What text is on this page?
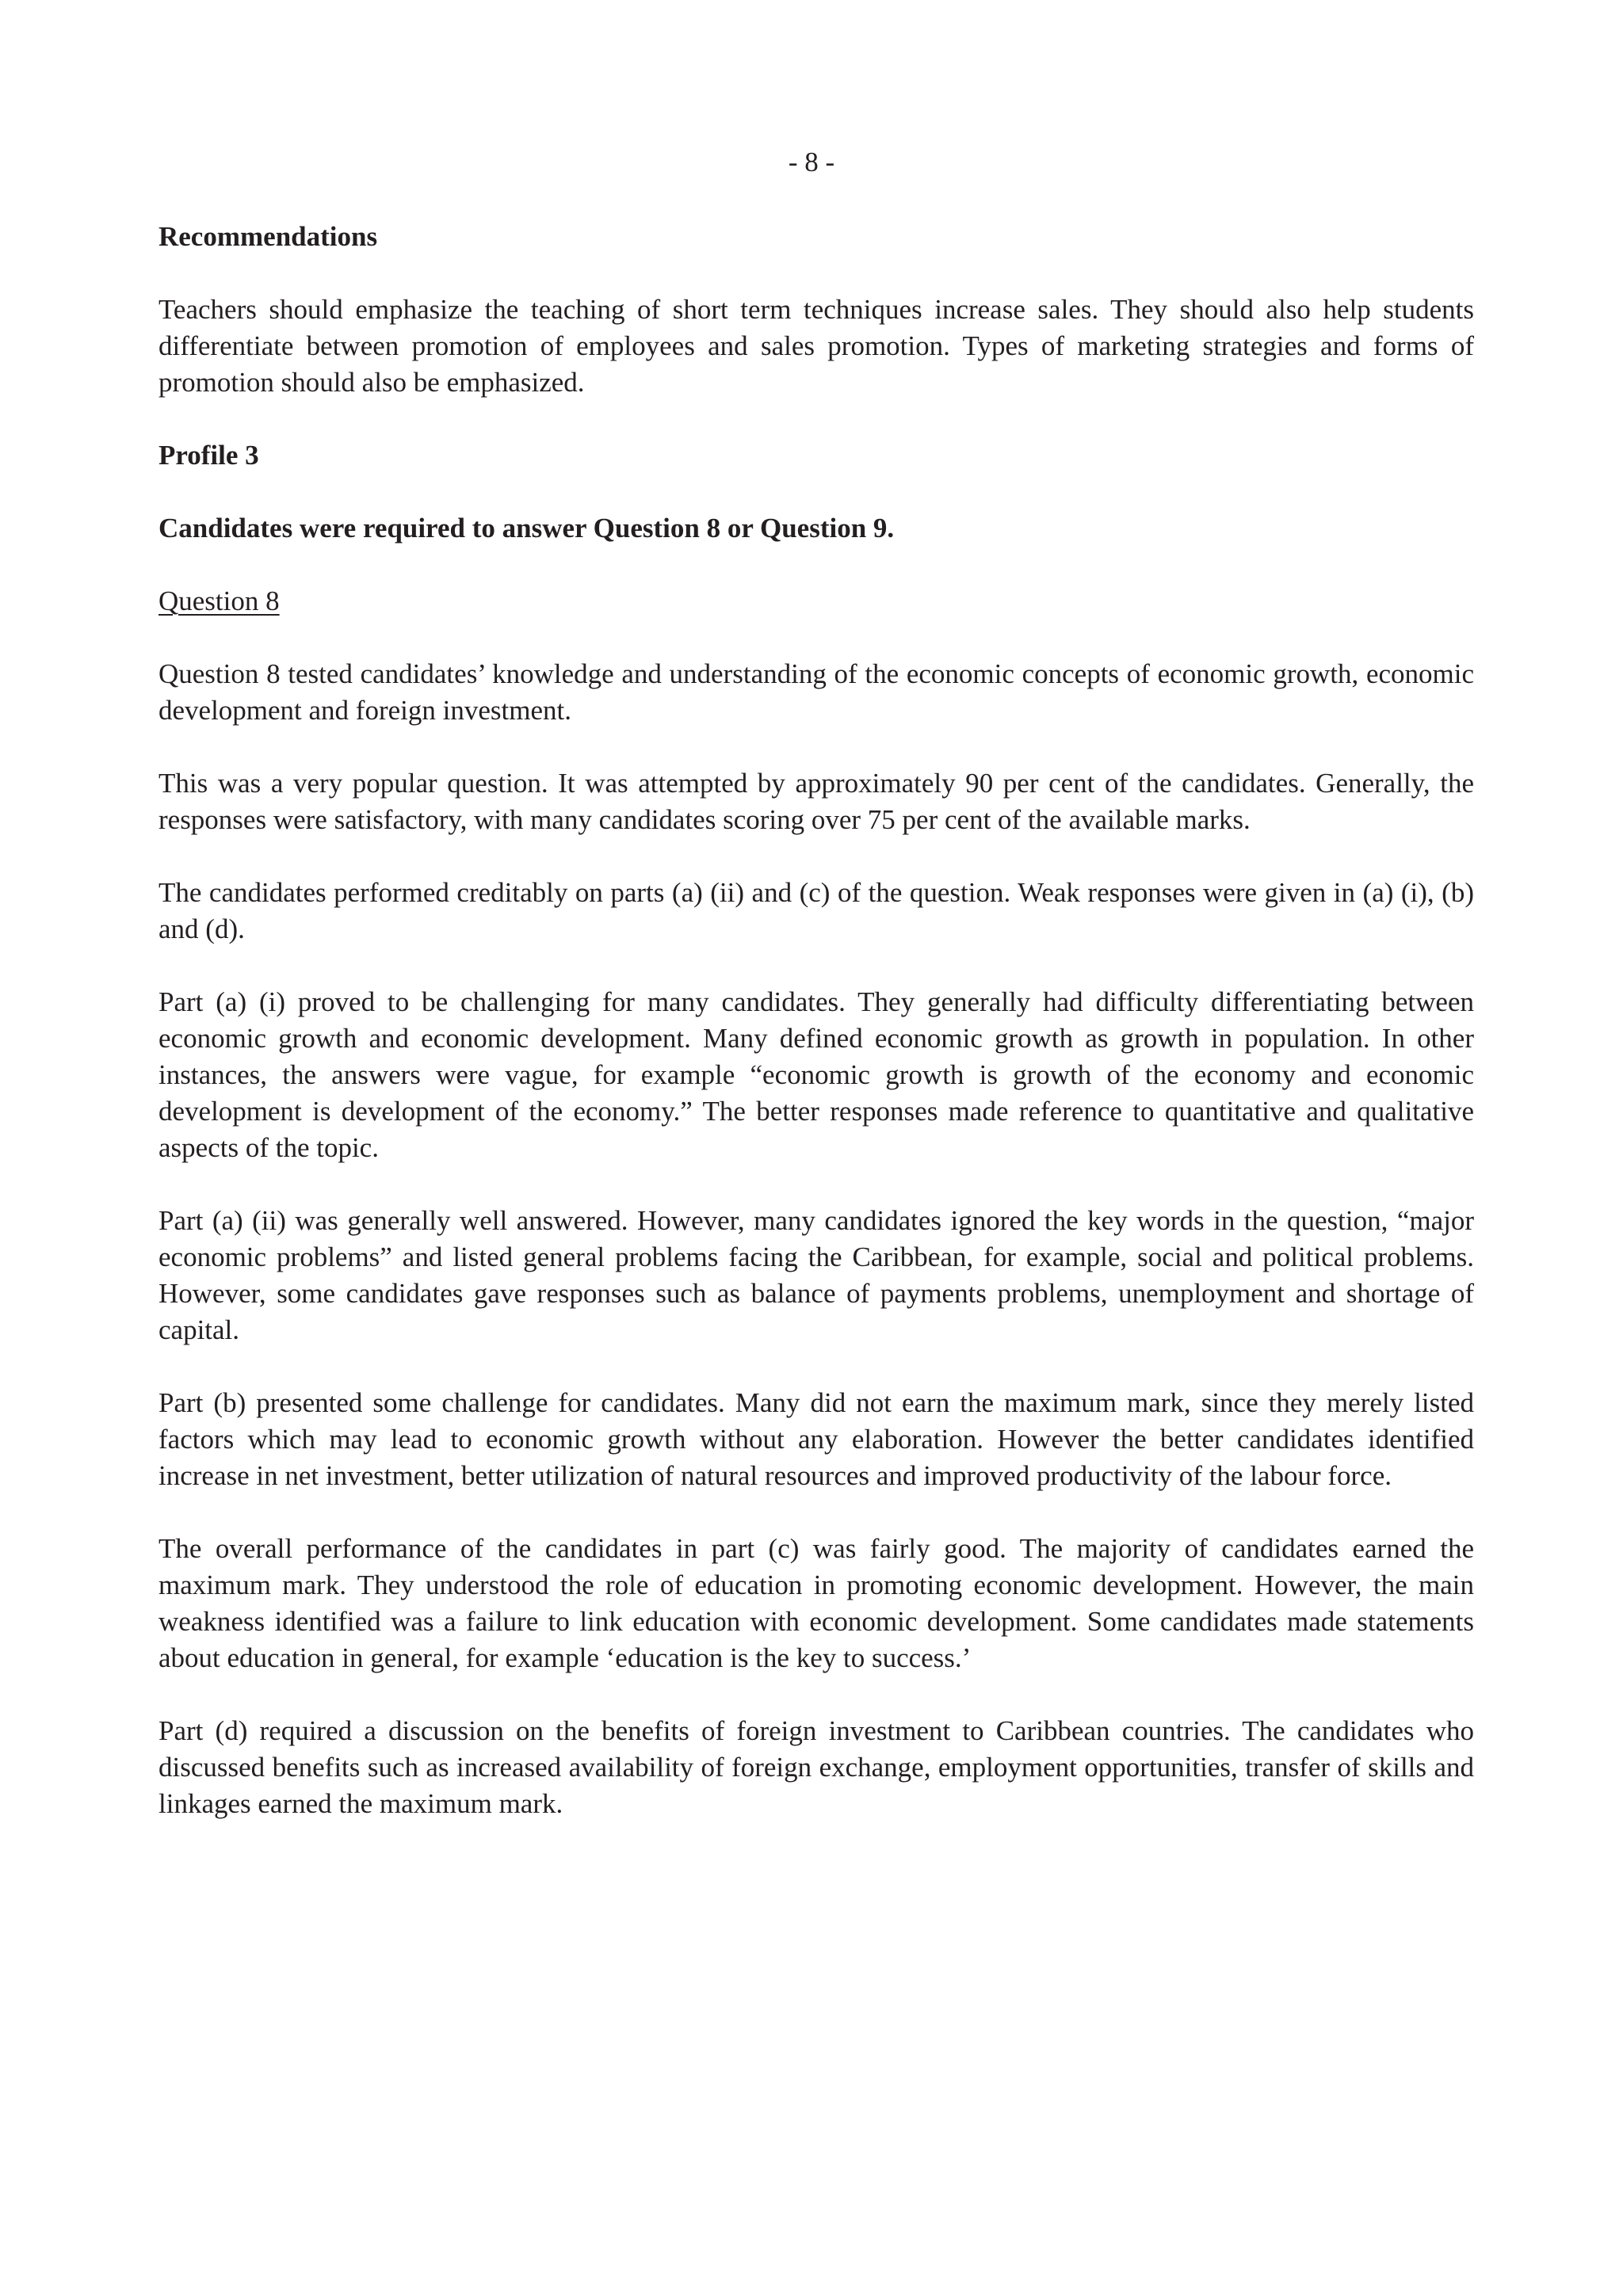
- 8 -

Recommendations

Teachers should emphasize the teaching of short term techniques increase sales. They should also help students differentiate between promotion of employees and sales promotion. Types of marketing strategies and forms of promotion should also be emphasized.

Profile 3

Candidates were required to answer Question 8 or Question 9.

Question 8

Question 8 tested candidates’ knowledge and understanding of the economic concepts of economic growth, economic development and foreign investment.

This was a very popular question. It was attempted by approximately 90 per cent of the candidates. Generally, the responses were satisfactory, with many candidates scoring over 75 per cent of the available marks.

The candidates performed creditably on parts (a) (ii) and (c) of the question. Weak responses were given in (a) (i), (b) and (d).

Part (a) (i) proved to be challenging for many candidates. They generally had difficulty differentiating between economic growth and economic development. Many defined economic growth as growth in population. In other instances, the answers were vague, for example “economic growth is growth of the economy and economic development is development of the economy.” The better responses made reference to quantitative and qualitative aspects of the topic.

Part (a) (ii) was generally well answered. However, many candidates ignored the key words in the question, “major economic problems” and listed general problems facing the Caribbean, for example, social and political problems. However, some candidates gave responses such as balance of payments problems, unemployment and shortage of capital.

Part (b) presented some challenge for candidates. Many did not earn the maximum mark, since they merely listed factors which may lead to economic growth without any elaboration. However the better candidates identified increase in net investment, better utilization of natural resources and improved productivity of the labour force.

The overall performance of the candidates in part (c) was fairly good. The majority of candidates earned the maximum mark. They understood the role of education in promoting economic development. However, the main weakness identified was a failure to link education with economic development. Some candidates made statements about education in general, for example ‘education is the key to success.’

Part (d) required a discussion on the benefits of foreign investment to Caribbean countries. The candidates who discussed benefits such as increased availability of foreign exchange, employment opportunities, transfer of skills and linkages earned the maximum mark.
